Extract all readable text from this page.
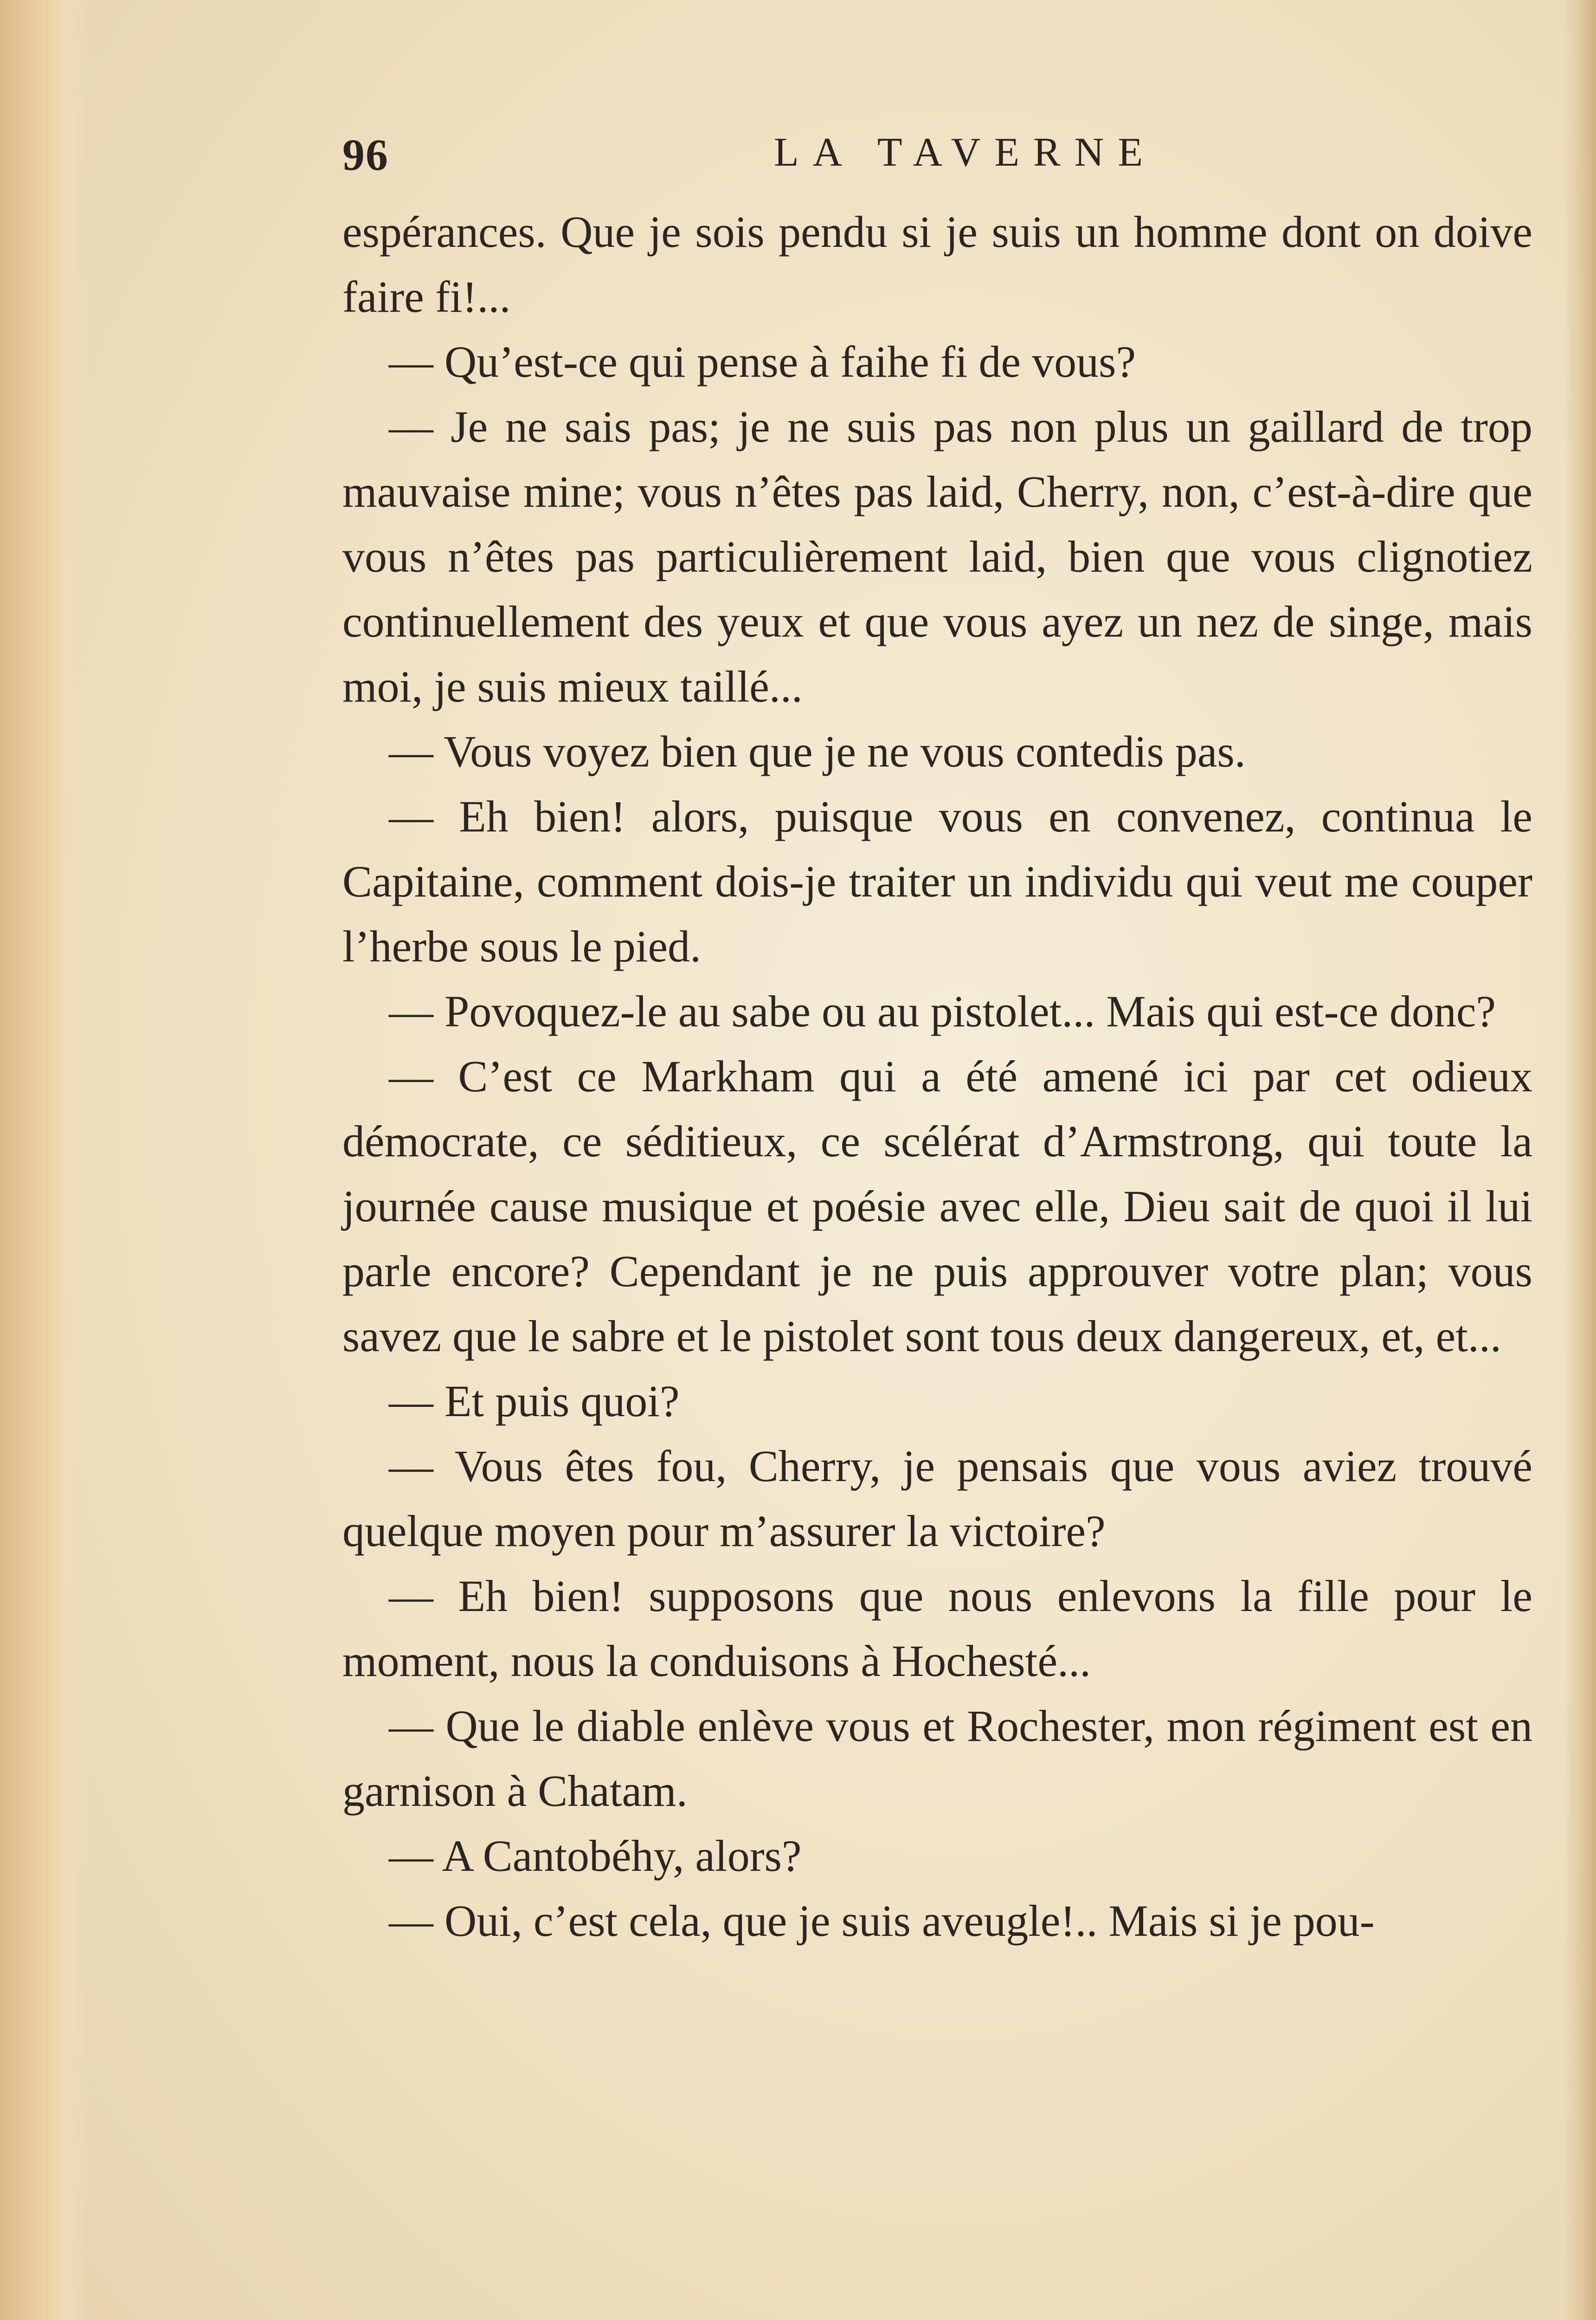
96	LA TAVERNE

espérances. Que je sois pendu si je suis un homme dont on doive faire fi!...

— Qu’est-ce qui pense à faihe fi de vous?

— Je ne sais pas; je ne suis pas non plus un gaillard de trop mauvaise mine; vous n’êtes pas laid, Cherry, non, c’est-à-dire que vous n’êtes pas particulièrement laid, bien que vous clignotiez continuellement des yeux et que vous ayez un nez de singe, mais moi, je suis mieux taillé...

— Vous voyez bien que je ne vous contedis pas.

— Eh bien! alors, puisque vous en convenez, continua le Capitaine, comment dois-je traiter un individu qui veut me couper l’herbe sous le pied.

— Povoquez-le au sabe ou au pistolet... Mais qui est-ce donc?

— C’est ce Markham qui a été amené ici par cet odieux démocrate, ce séditieux, ce scélérat d’Armstrong, qui toute la journée cause musique et poésie avec elle, Dieu sait de quoi il lui parle encore? Cependant je ne puis approuver votre plan; vous savez que le sabre et le pistolet sont tous deux dangereux, et, et...

— Et puis quoi?

— Vous êtes fou, Cherry, je pensais que vous aviez trouvé quelque moyen pour m’assurer la victoire?

— Eh bien! supposons que nous enlevons la fille pour le moment, nous la conduisons à Hochesté...

— Que le diable enlève vous et Rochester, mon régiment est en garnison à Chatam.

— A Cantobéhy, alors?

— Oui, c’est cela, que je suis aveugle!.. Mais si je pou-
